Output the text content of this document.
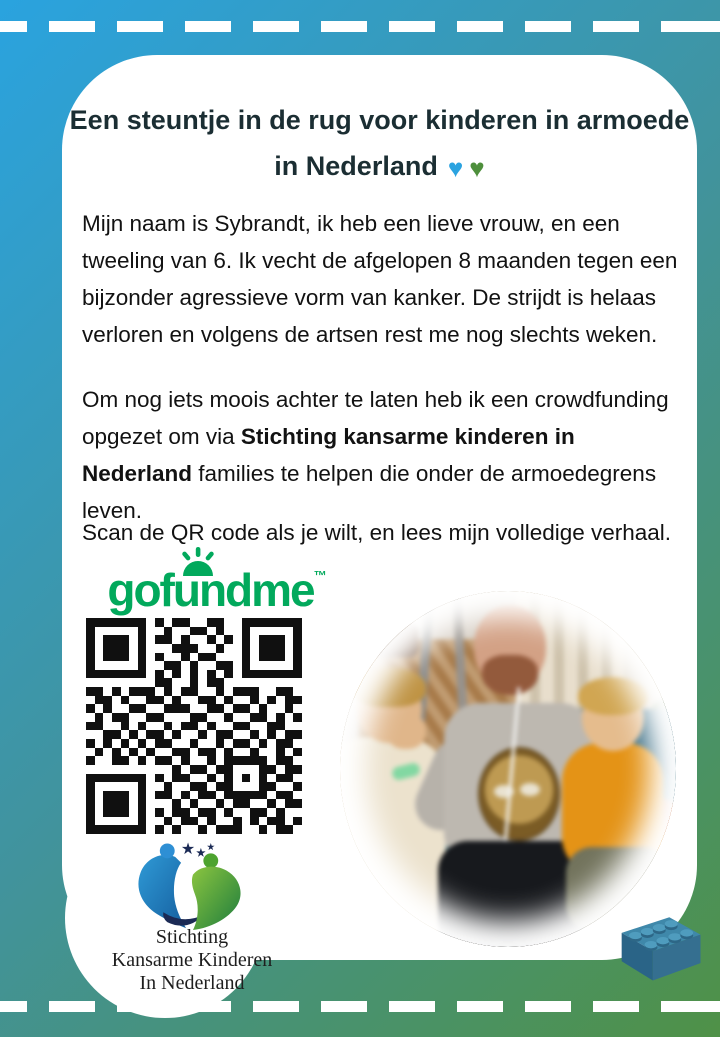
Een steuntje in de rug voor kinderen in armoede
in Nederland ♥ ♥

Mijn naam is Sybrandt, ik heb een lieve vrouw, en een tweeling van 6. Ik vecht de afgelopen 8 maanden tegen een bijzonder agressieve vorm van kanker. De strijdt is helaas verloren en volgens de artsen rest me nog slechts weken.

Om nog iets moois achter te laten heb ik een crowdfunding opgezet om via Stichting kansarme kinderen in Nederland families te helpen die onder de armoedegrens leven.

Scan de QR code als je wilt, en lees mijn volledige verhaal.

gofundme™

Stichting
Kansarme Kinderen
In Nederland
